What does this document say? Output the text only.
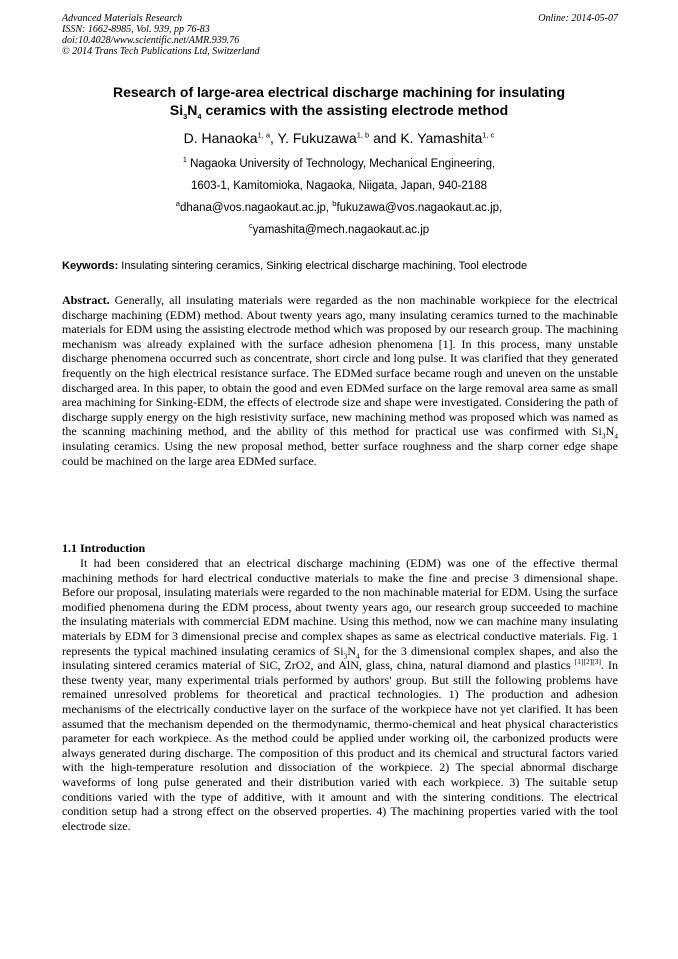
Advanced Materials Research
ISSN: 1662-8985, Vol. 939, pp 76-83
doi:10.4028/www.scientific.net/AMR.939.76
© 2014 Trans Tech Publications Ltd, Switzerland
Online: 2014-05-07
Research of large-area electrical discharge machining for insulating
$Si_3N_4$ ceramics with the assisting electrode method
D. Hanaoka$^{1, a}$, Y. Fukuzawa$^{1, b}$ and K. Yamashita$^{1, c}$
$^1$ Nagaoka University of Technology, Mechanical Engineering,
1603-1, Kamitomioka, Nagaoka, Niigata, Japan, 940-2188
$^a$dhana@vos.nagaokaut.ac.jp, $^b$fukuzawa@vos.nagaokaut.ac.jp,
$^c$yamashita@mech.nagaokaut.ac.jp
Keywords: Insulating sintering ceramics, Sinking electrical discharge machining, Tool electrode
Abstract. Generally, all insulating materials were regarded as the non machinable workpiece for the electrical discharge machining (EDM) method. About twenty years ago, many insulating ceramics turned to the machinable materials for EDM using the assisting electrode method which was proposed by our research group. The machining mechanism was already explained with the surface adhesion phenomena [1]. In this process, many unstable discharge phenomena occurred such as concentrate, short circle and long pulse. It was clarified that they generated frequently on the high electrical resistance surface. The EDMed surface became rough and uneven on the unstable discharged area. In this paper, to obtain the good and even EDMed surface on the large removal area same as small area machining for Sinking-EDM, the effects of electrode size and shape were investigated. Considering the path of discharge supply energy on the high resistivity surface, new machining method was proposed which was named as the scanning machining method, and the ability of this method for practical use was confirmed with $Si_3N_4$ insulating ceramics. Using the new proposal method, better surface roughness and the sharp corner edge shape could be machined on the large area EDMed surface.
1.1 Introduction
It had been considered that an electrical discharge machining (EDM) was one of the effective thermal machining methods for hard electrical conductive materials to make the fine and precise 3 dimensional shape. Before our proposal, insulating materials were regarded to the non machinable material for EDM. Using the surface modified phenomena during the EDM process, about twenty years ago, our research group succeeded to machine the insulating materials with commercial EDM machine. Using this method, now we can machine many insulating materials by EDM for 3 dimensional precise and complex shapes as same as electrical conductive materials. Fig. 1 represents the typical machined insulating ceramics of $Si_3N_4$ for the 3 dimensional complex shapes, and also the insulating sintered ceramics material of SiC, ZrO2, and AlN, glass, china, natural diamond and plastics [1][2][3]. In these twenty year, many experimental trials performed by authors' group. But still the following problems have remained unresolved problems for theoretical and practical technologies. 1) The production and adhesion mechanisms of the electrically conductive layer on the surface of the workpiece have not yet clarified. It has been assumed that the mechanism depended on the thermodynamic, thermo-chemical and heat physical characteristics parameter for each workpiece. As the method could be applied under working oil, the carbonized products were always generated during discharge. The composition of this product and its chemical and structural factors varied with the high-temperature resolution and dissociation of the workpiece. 2) The special abnormal discharge waveforms of long pulse generated and their distribution varied with each workpiece. 3) The suitable setup conditions varied with the type of additive, with it amount and with the sintering conditions. The electrical condition setup had a strong effect on the observed properties. 4) The machining properties varied with the tool electrode size.
